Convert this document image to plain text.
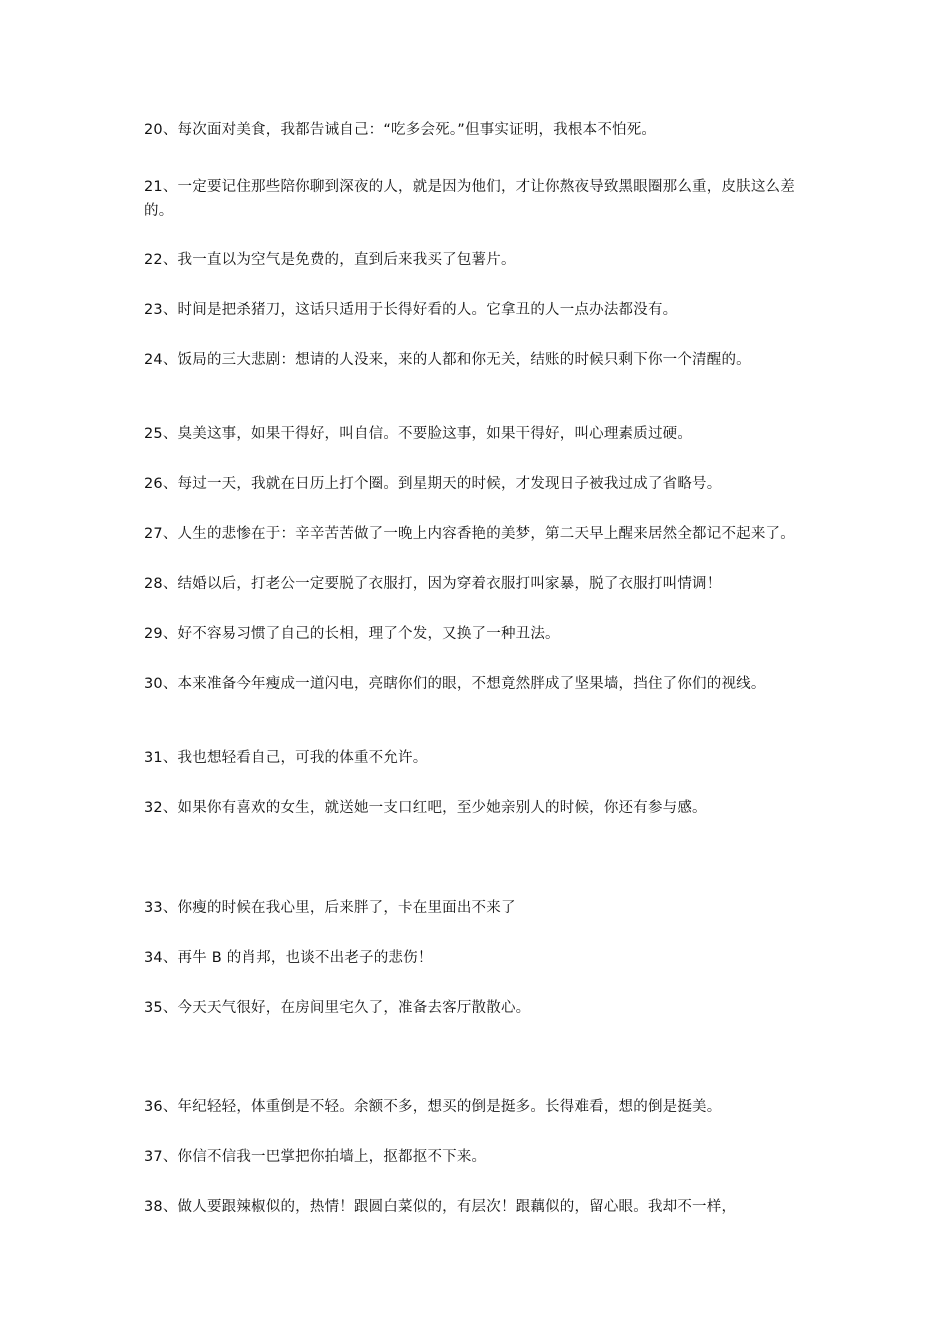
20、每次面对美食，我都告诫自己：“吃多会死。”但事实证明，我根本不怕死。

21、一定要记住那些陪你聊到深夜的人，就是因为他们，才让你熬夜导致黑眼圈那么重，皮肤这么差的。

22、我一直以为空气是免费的，直到后来我买了包薯片。

23、时间是把杀猪刀，这话只适用于长得好看的人。它拿丑的人一点办法都没有。

24、饭局的三大悲剧：想请的人没来，来的人都和你无关，结账的时候只剩下你一个清醒的。

25、臭美这事，如果干得好，叫自信。不要脸这事，如果干得好，叫心理素质过硬。

26、每过一天，我就在日历上打个圈。到星期天的时候，才发现日子被我过成了省略号。

27、人生的悲惨在于：辛辛苦苦做了一晚上内容香艳的美梦，第二天早上醒来居然全都记不起来了。

28、结婚以后，打老公一定要脱了衣服打，因为穿着衣服打叫家暴，脱了衣服打叫情调！

29、好不容易习惯了自己的长相，理了个发，又换了一种丑法。

30、本来准备今年瘦成一道闪电，亮瞎你们的眼，不想竟然胖成了坚果墙，挡住了你们的视线。

31、我也想轻看自己，可我的体重不允许。

32、如果你有喜欢的女生，就送她一支口红吧，至少她亲别人的时候，你还有参与感。

33、你瘦的时候在我心里，后来胖了，卡在里面出不来了

34、再牛 B 的肖邦，也谈不出老子的悲伤！

35、今天天气很好，在房间里宅久了，准备去客厅散散心。

36、年纪轻轻，体重倒是不轻。余额不多，想买的倒是挺多。长得难看，想的倒是挺美。

37、你信不信我一巴掌把你拍墙上，抠都抠不下来。

38、做人要跟辣椒似的，热情！跟圆白菜似的，有层次！跟藕似的，留心眼。我却不一样，
